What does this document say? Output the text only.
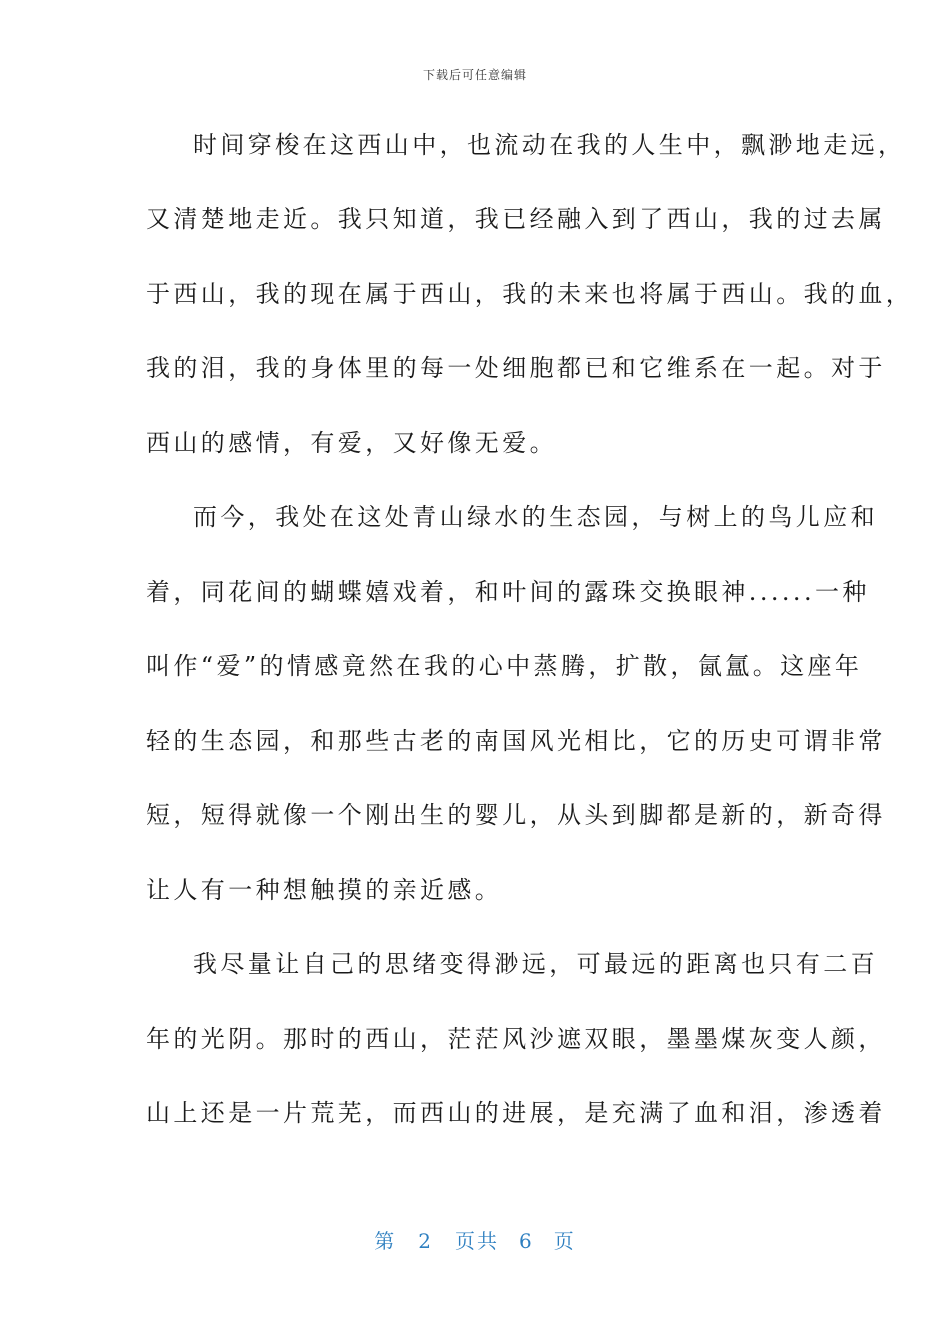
下载后可任意编辑
时间穿梭在这西山中，也流动在我的人生中，飘渺地走远，
又清楚地走近。我只知道，我已经融入到了西山，我的过去属
于西山，我的现在属于西山，我的未来也将属于西山。我的血，
我的泪，我的身体里的每一处细胞都已和它维系在一起。对于
西山的感情，有爱，又好像无爱。
而今，我处在这处青山绿水的生态园，与树上的鸟儿应和
着，同花间的蝴蝶嬉戏着，和叶间的露珠交换眼神......一种
叫作“爱”的情感竟然在我的心中蒸腾，扩散，氤氲。这座年
轻的生态园，和那些古老的南国风光相比，它的历史可谓非常
短，短得就像一个刚出生的婴儿，从头到脚都是新的，新奇得
让人有一种想触摸的亲近感。
我尽量让自己的思绪变得渺远，可最远的距离也只有二百
年的光阴。那时的西山，茫茫风沙遮双眼，墨墨煤灰变人颜，
山上还是一片荒芜，而西山的进展，是充满了血和泪，渗透着
第 2 页共 6 页
